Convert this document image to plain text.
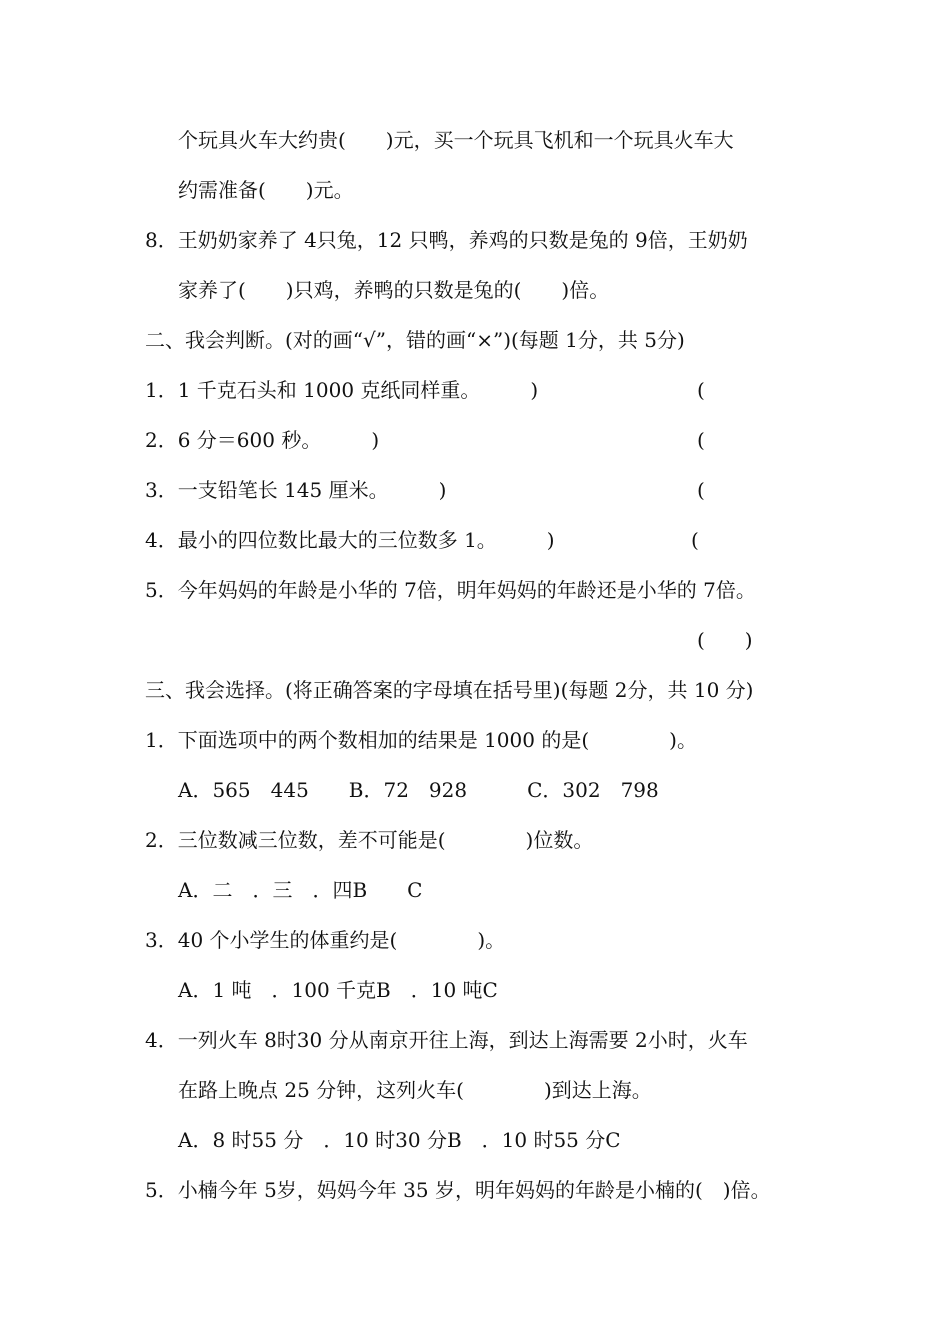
个玩具火车大约贵(　　)元，买一个玩具飞机和一个玩具火车大
约需准备(　　)元。
8．王奶奶家养了 4只兔，12 只鸭，养鸡的只数是兔的 9倍，王奶奶
家养了(　　)只鸡，养鸭的只数是兔的(　　)倍。
二、我会判断。(对的画“√”，错的画“×”)(每题 1分，共 5分)
1．1 千克石头和 1000 克纸同样重。　　　)	(
2．6 分＝600 秒。　　　)	(
3．一支铅笔长 145 厘米。　　　)	(
4．最小的四位数比最大的三位数多 1。　　　)	(
5．今年妈妈的年龄是小华的 7倍，明年妈妈的年龄还是小华的 7倍。
(　　)
三、我会选择。(将正确答案的字母填在括号里)(每题 2分，共 10 分)
1．下面选项中的两个数相加的结果是 1000 的是(　　　　)。
A．565　445　　B．72　928　　　C．302　798
2．三位数减三位数，差不可能是(　　　　)位数。
A．二　．三　．四B　　C
3．40 个小学生的体重约是(　　　　)。
A．1 吨　．100 千克B　．10 吨C
4．一列火车 8时30 分从南京开往上海，到达上海需要 2小时，火车
在路上晚点 25 分钟，这列火车(　　　　)到达上海。
A．8 时55 分　．10 时30 分B　．10 时55 分C
5．小楠今年 5岁，妈妈今年 35 岁，明年妈妈的年龄是小楠的(　)倍。
